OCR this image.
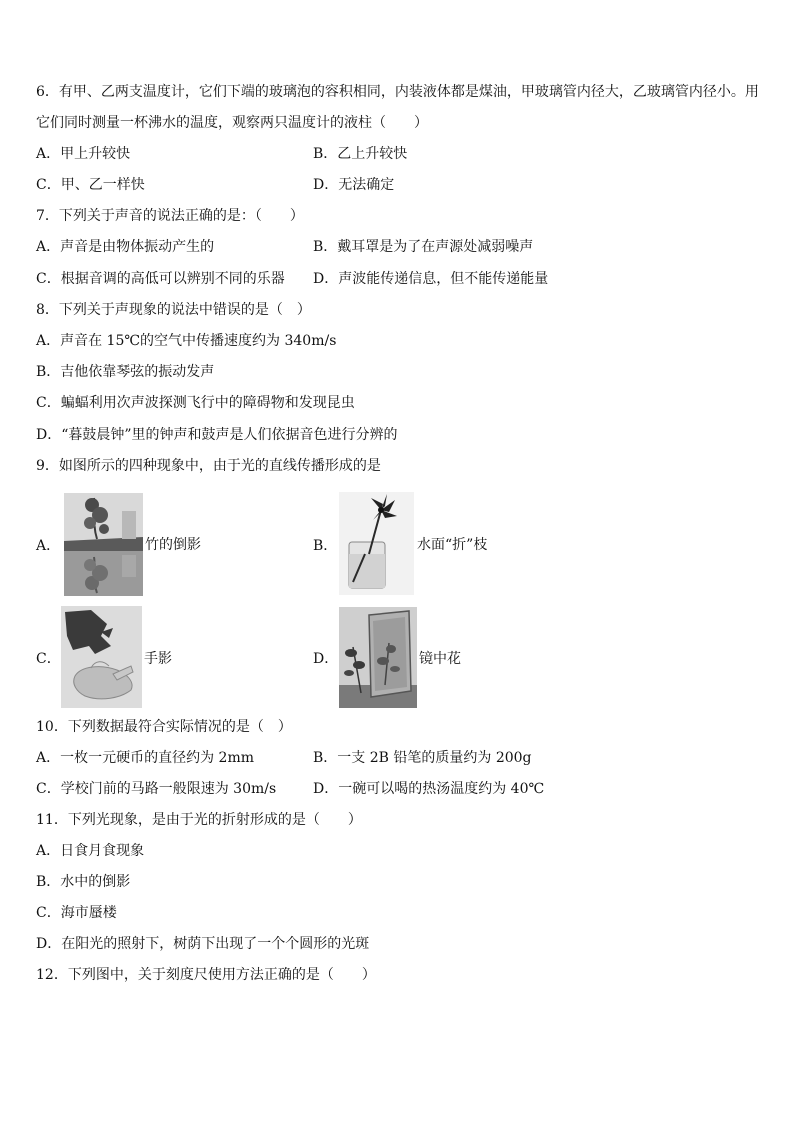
6．有甲、乙两支温度计，它们下端的玻璃泡的容积相同，内装液体都是煤油，甲玻璃管内径大，乙玻璃管内径小。用
它们同时测量一杯沸水的温度，观察两只温度计的液柱（　　）
A．甲上升较快	B．乙上升较快
C．甲、乙一样快	D．无法确定
7．下列关于声音的说法正确的是：（　　）
A．声音是由物体振动产生的	B．戴耳罩是为了在声源处减弱噪声
C．根据音调的高低可以辨别不同的乐器 D．声波能传递信息，但不能传递能量
8．下列关于声现象的说法中错误的是（　）
A．声音在 15℃的空气中传播速度约为 340m/s
B．吉他依靠琴弦的振动发声
C．蝙蝠利用次声波探测飞行中的障碍物和发现昆虫
D．“暮鼓晨钟”里的钟声和鼓声是人们依据音色进行分辨的
9．如图所示的四种现象中，由于光的直线传播形成的是
A．	竹的倒影	B．	水面“折”枝
C．	手影	D．	镜中花
10．下列数据最符合实际情况的是（　）
A．一枚一元硬币的直径约为 2mm	B．一支 2B 铅笔的质量约为 200g
C．学校门前的马路一般限速为 30m/s	D．一碗可以喝的热汤温度约为 40℃
11．下列光现象，是由于光的折射形成的是（　　）
A．日食月食现象
B．水中的倒影
C．海市蜃楼
D．在阳光的照射下，树荫下出现了一个个圆形的光斑
12．下列图中，关于刻度尺使用方法正确的是（　　）
